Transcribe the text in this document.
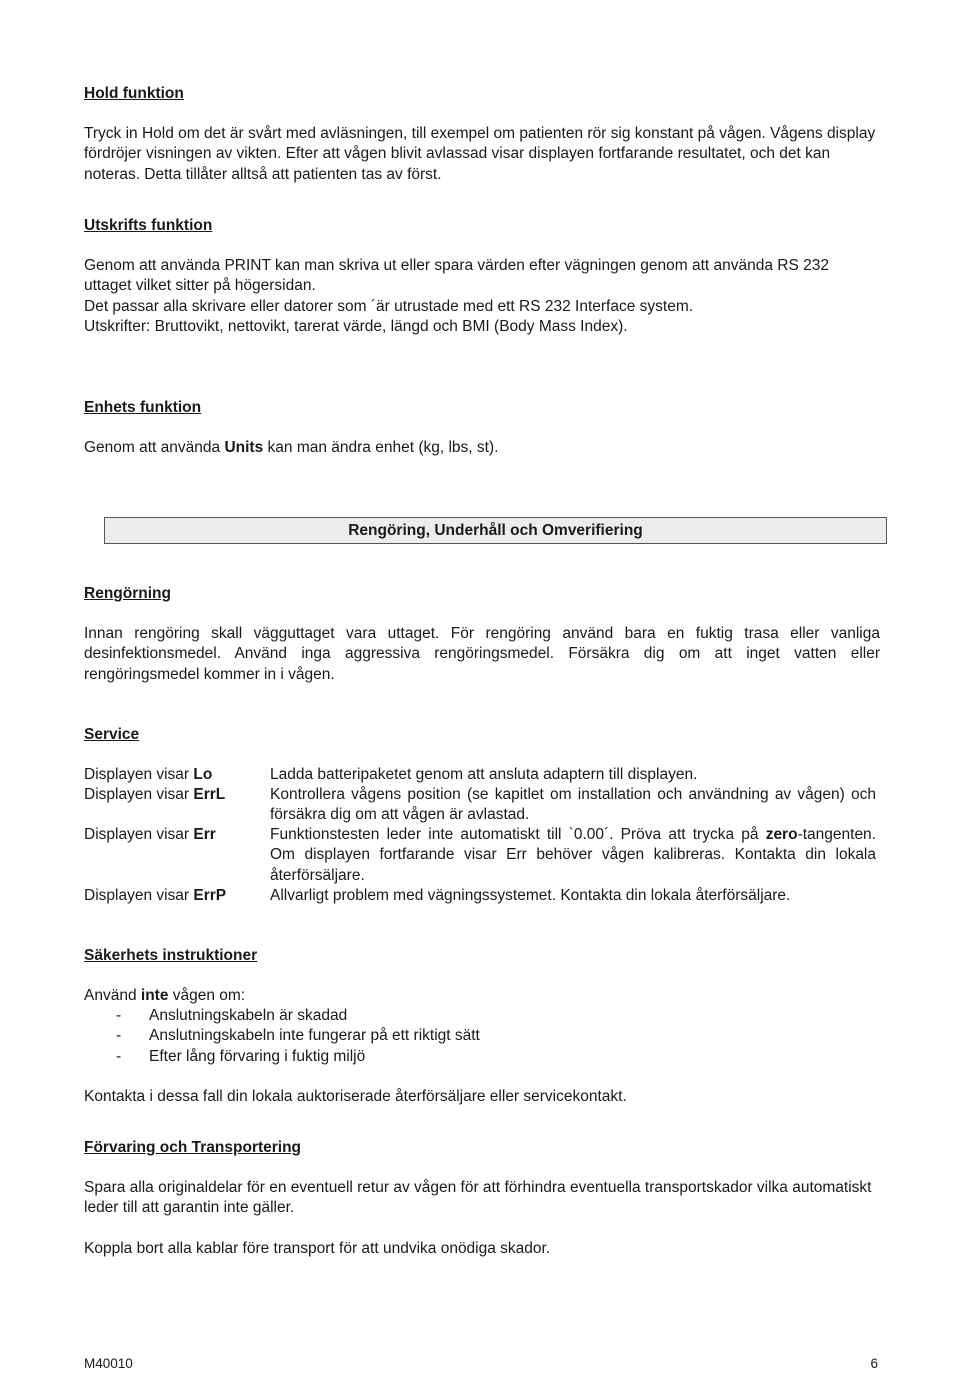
Hold funktion
Tryck in Hold om det är svårt med avläsningen, till exempel om patienten rör sig konstant på vågen. Vågens display fördröjer visningen av vikten. Efter att vågen blivit avlassad visar displayen fortfarande resultatet, och det kan noteras. Detta tillåter alltså att patienten tas av först.
Utskrifts funktion
Genom att använda PRINT kan man skriva ut eller spara värden efter vägningen genom att använda RS 232 uttaget vilket sitter på högersidan.
Det passar alla skrivare eller datorer som ´är utrustade med ett RS 232 Interface system.
Utskrifter: Bruttovikt, nettovikt, tarerat värde, längd och BMI (Body Mass Index).
Enhets funktion
Genom att använda Units kan man ändra enhet (kg, lbs, st).
Rengöring, Underhåll och Omverifiering
Rengörning
Innan rengöring skall vägguttaget vara uttaget. För rengöring använd bara en fuktig trasa eller vanliga desinfektionsmedel. Använd inga aggressiva rengöringsmedel. Försäkra dig om att inget vatten eller rengöringsmedel kommer in i vågen.
Service
Displayen visar Lo	Ladda batteripaketet genom att ansluta adaptern till displayen.
Displayen visar ErrL	Kontrollera vågens position (se kapitlet om installation och användning av vågen) och försäkra dig om att vågen är avlastad.
Displayen visar Err	Funktionstesten leder inte automatiskt till `0.00´. Pröva att trycka på zero-tangenten. Om displayen fortfarande visar Err behöver vågen kalibreras. Kontakta din lokala återförsäljare.
Displayen visar ErrP	Allvarligt problem med vägningssystemet. Kontakta din lokala återförsäljare.
Säkerhets instruktioner
Använd inte vågen om:
- Anslutningskabeln är skadad
- Anslutningskabeln inte fungerar på ett riktigt sätt
- Efter lång förvaring i fuktig miljö
Kontakta i dessa fall din lokala auktoriserade återförsäljare eller servicekontakt.
Förvaring och Transportering
Spara alla originaldelar för en eventuell retur av vågen för att förhindra eventuella transportskador vilka automatiskt leder till att garantin inte gäller.
Koppla bort alla kablar före transport för att undvika onödiga skador.
M40010	6
